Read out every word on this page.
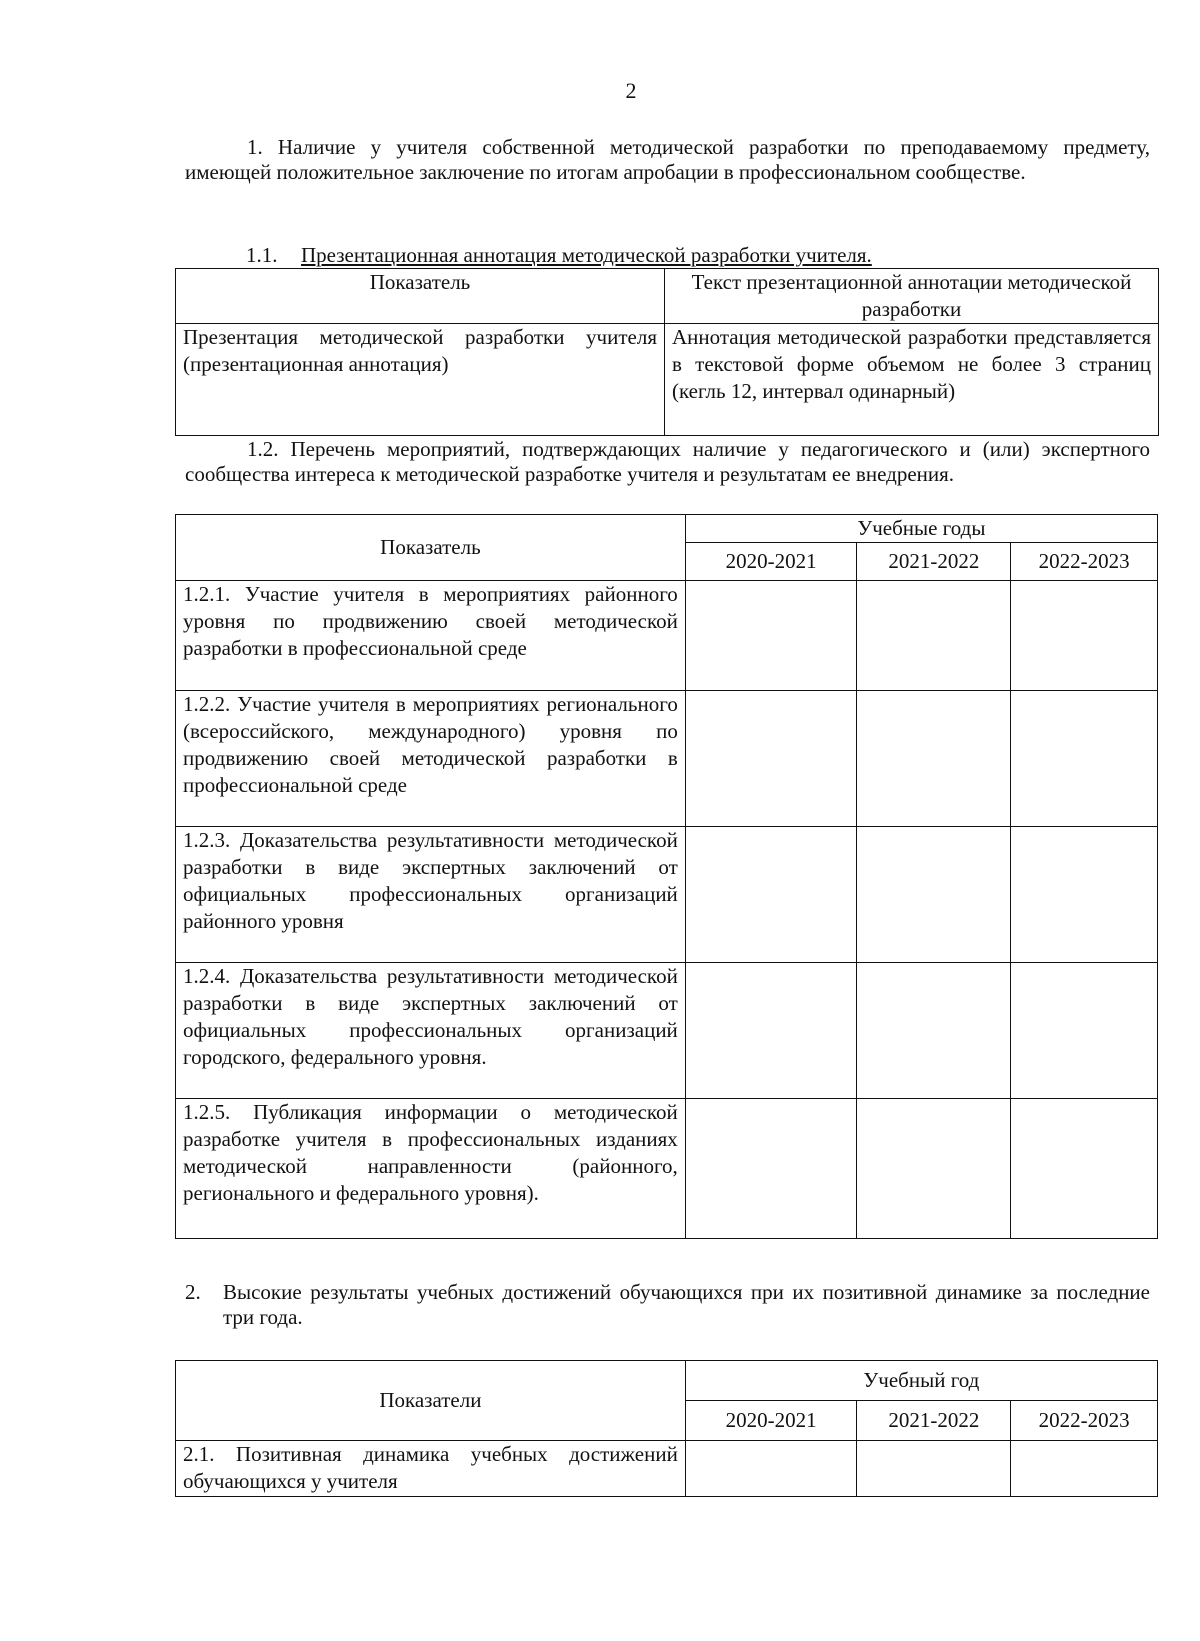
2
1. Наличие у учителя собственной методической разработки по преподаваемому предмету, имеющей положительное заключение по итогам апробации в профессиональном сообществе.
1.1. Презентационная аннотация методической разработки учителя.
Показатель	Текст презентационной аннотации методической разработки
Презентация методической разработки учителя (презентационная аннотация)	Аннотация методической разработки представляется в текстовой форме объемом не более 3 страниц (кегль 12, интервал одинарный)
1.2. Перечень мероприятий, подтверждающих наличие у педагогического и (или) экспертного сообщества интереса к методической разработке учителя и результатам ее внедрения.
Показатель	Учебные годы		
	2020-2021	2021-2022	2022-2023
1.2.1. Участие учителя в мероприятиях районного уровня по продвижению своей методической разработки в профессиональной среде			
1.2.2. Участие учителя в мероприятиях регионального (всероссийского, международного) уровня по продвижению своей методической разработки в профессиональной среде			
1.2.3. Доказательства результативности методической разработки в виде экспертных заключений от официальных профессиональных организаций районного уровня			
1.2.4. Доказательства результативности методической разработки в виде экспертных заключений от официальных профессиональных организаций городского, федерального уровня.			
1.2.5. Публикация информации о методической разработке учителя в профессиональных изданиях методической направленности (районного, регионального и федерального уровня).			
2. Высокие результаты учебных достижений обучающихся при их позитивной динамике за последние три года.
Показатели	Учебный год		
	2020-2021	2021-2022	2022-2023
2.1. Позитивная динамика учебных достижений обучающихся у учителя			
